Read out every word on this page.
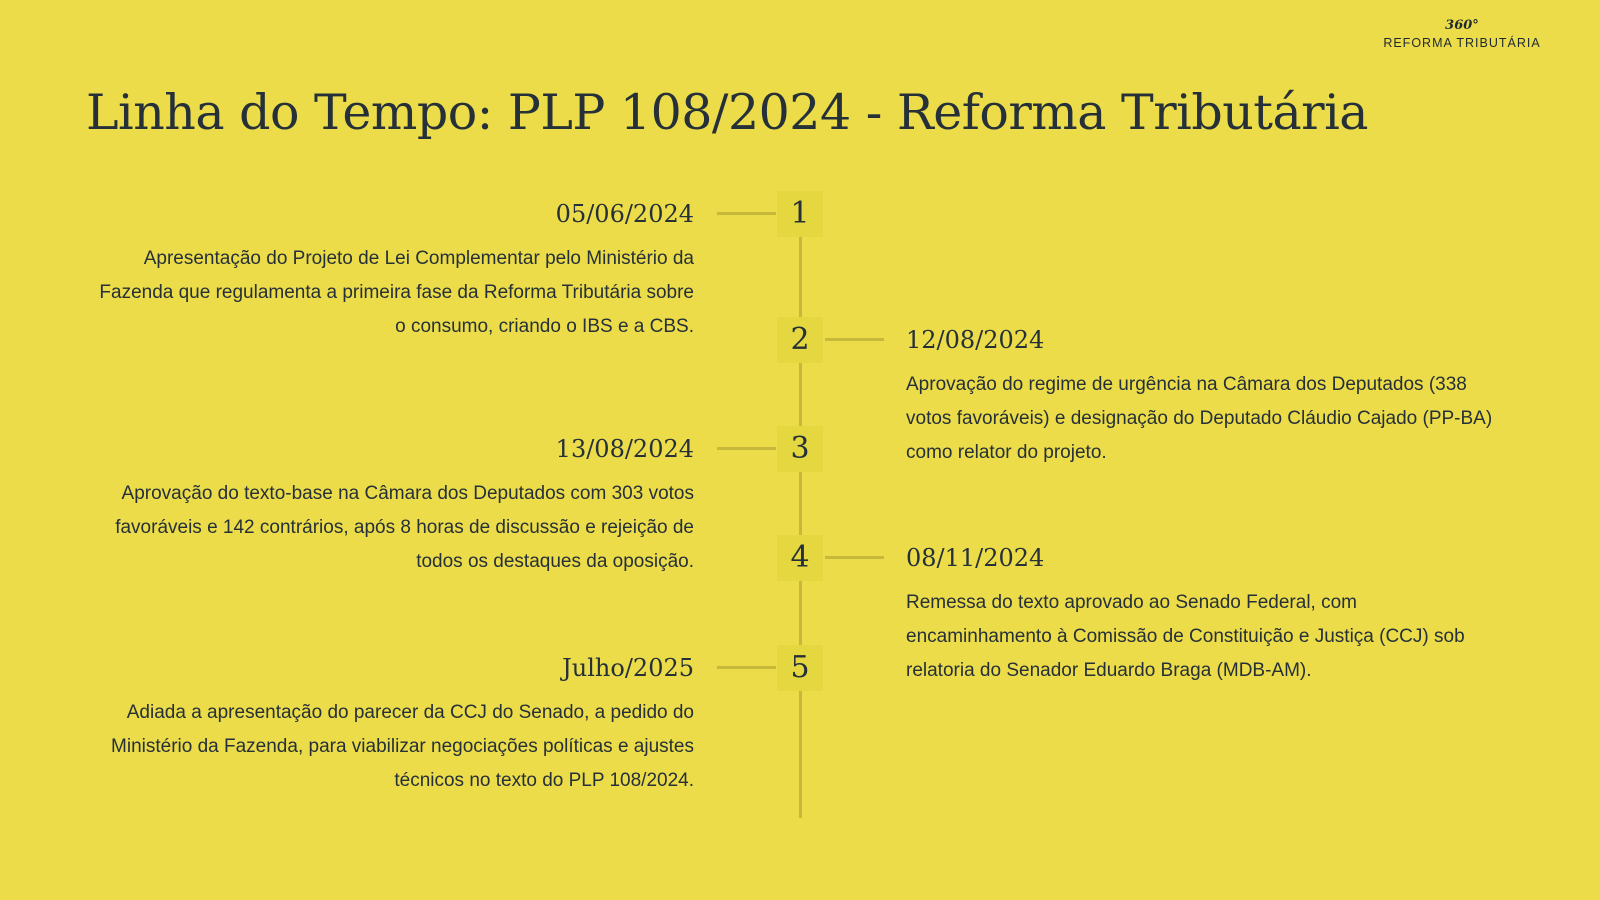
360°
REFORMA TRIBUTÁRIA
Linha do Tempo: PLP 108/2024 - Reforma Tributária
1
2
3
4
5

05/06/2024

Apresentação do Projeto de Lei Complementar pelo Ministério da Fazenda que regulamenta a primeira fase da Reforma Tributária sobre o consumo, criando o IBS e a CBS.	12/08/2024

Aprovação do regime de urgência na Câmara dos Deputados (338 votos favoráveis) e designação do Deputado Cláudio Cajado (PP-BA) como relator do projeto.

13/08/2024

Aprovação do texto-base na Câmara dos Deputados com 303 votos favoráveis e 142 contrários, após 8 horas de discussão e rejeição de todos os destaques da oposição.	08/11/2024

Remessa do texto aprovado ao Senado Federal, com encaminhamento à Comissão de Constituição e Justiça (CCJ) sob relatoria do Senador Eduardo Braga (MDB-AM).

Julho/2025

Adiada a apresentação do parecer da CCJ do Senado, a pedido do Ministério da Fazenda, para viabilizar negociações políticas e ajustes técnicos no texto do PLP 108/2024.
